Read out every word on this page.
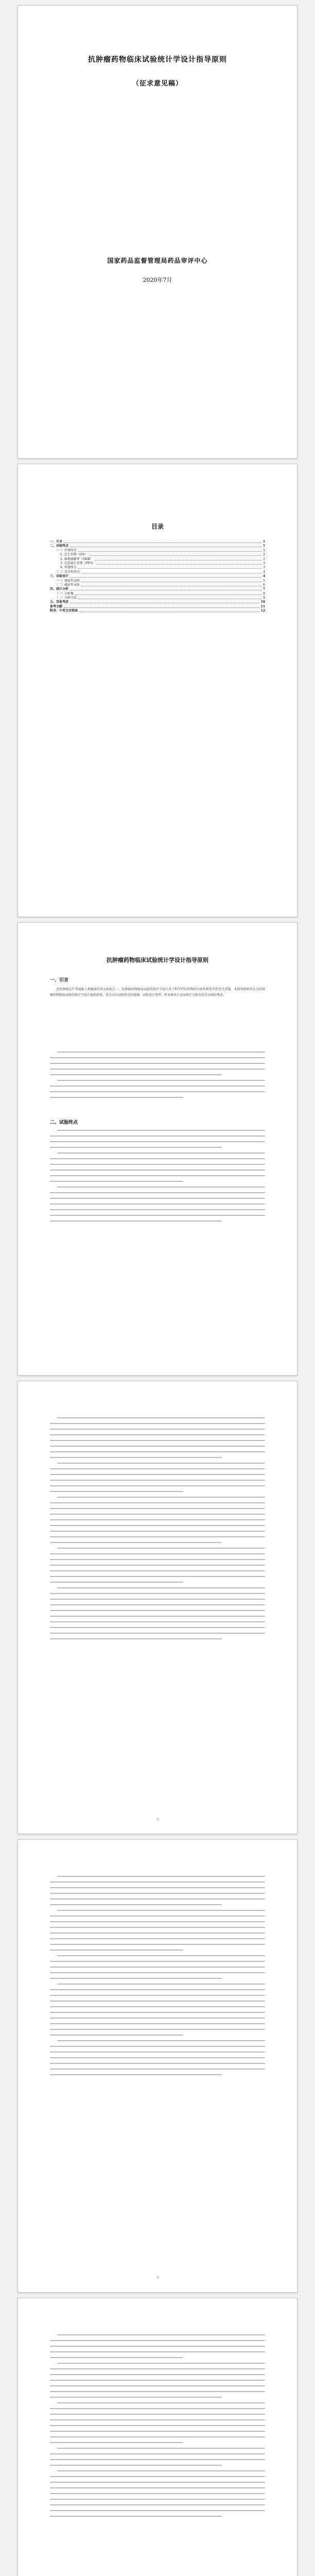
抗肿瘤药物临床试验统计学设计指导原则
（征求意见稿）
国家药品监督管理局药品审评中心
2020年7月
目录
一、引言	1
二、试验终点	1
（一）疗效终点	2
1. 总生存期（OS）	2
2. 客观缓解率（ORR）	2
3. 无进展生存期（PFS）	3
4. 其他终点	3
（二）安全性终点	4
三、试验设计	4
（一）探索性试验	5
（二）确证性试验	6
四、统计分析	7
（一）分析集	8
（二）分析方法	9
五、其他考虑	10
参考文献	11
附录：中英文对照表	12
抗肿瘤药物临床试验统计学设计指导原则
一、引言
恶性肿瘤是严重威胁人类健康的重大疾病之一。抗肿瘤药物临床试验的统计学设计对于科学评价药物的有效性和安全性至关重要。本指导原则旨在为抗肿瘤药物临床试验的统计学设计提供指导，重点关注试验终点的选择、试验设计类型、样本量估计以及统计分析方法等方面的考虑。
二、试验终点
2
3
